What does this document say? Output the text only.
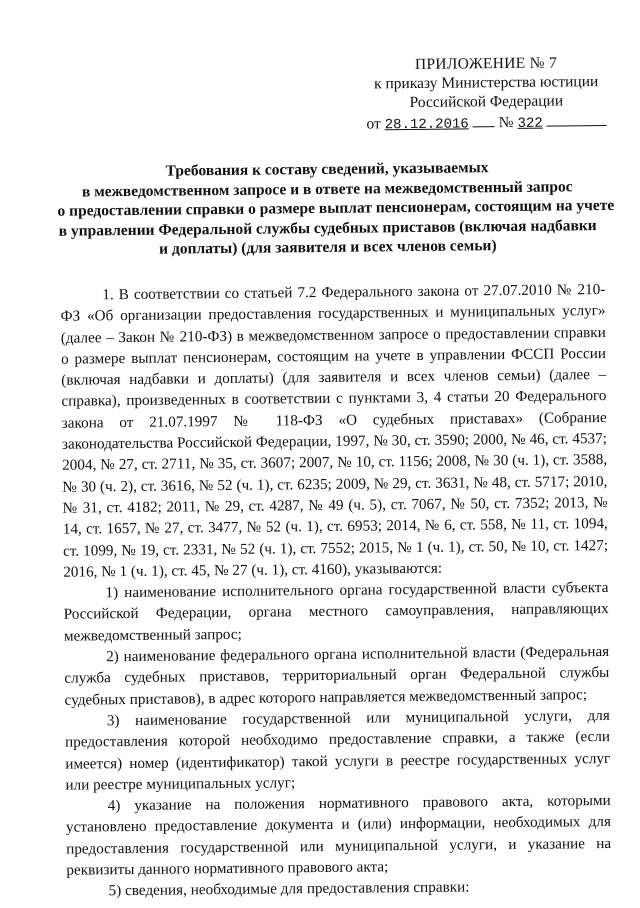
ПРИЛОЖЕНИЕ № 7
к приказу Министерства юстиции
Российской Федерации
от 28.12.2016 № 322
Требования к составу сведений, указываемых
в межведомственном запросе и в ответе на межведомственный запрос
о предоставлении справки о размере выплат пенсионерам, состоящим на учете
в управлении Федеральной службы судебных приставов (включая надбавки
и доплаты) (для заявителя и всех членов семьи)

1. В соответствии со статьей 7.2 Федерального закона от 27.07.2010 № 210-ФЗ «Об организации предоставления государственных и муниципальных услуг» (далее – Закон № 210-ФЗ) в межведомственном запросе о предоставлении справки о размере выплат пенсионерам, состоящим на учете в управлении ФССП России (включая надбавки и доплаты) (для заявителя и всех членов семьи) (далее – справка), произведенных в соответствии с пунктами 3, 4 статьи 20 Федерального закона от 21.07.1997 № 118-ФЗ «О судебных приставах» (Собрание законодательства Российской Федерации, 1997, № 30, ст. 3590; 2000, № 46, ст. 4537; 2004, № 27, ст. 2711, № 35, ст. 3607; 2007, № 10, ст. 1156; 2008, № 30 (ч. 1), ст. 3588, № 30 (ч. 2), ст. 3616, № 52 (ч. 1), ст. 6235; 2009, № 29, ст. 3631, № 48, ст. 5717; 2010, № 31, ст. 4182; 2011, № 29, ст. 4287, № 49 (ч. 5), ст. 7067, № 50, ст. 7352; 2013, № 14, ст. 1657, № 27, ст. 3477, № 52 (ч. 1), ст. 6953; 2014, № 6, ст. 558, № 11, ст. 1094, ст. 1099, № 19, ст. 2331, № 52 (ч. 1), ст. 7552; 2015, № 1 (ч. 1), ст. 50, № 10, ст. 1427; 2016, № 1 (ч. 1), ст. 45, № 27 (ч. 1), ст. 4160), указываются:

1) наименование исполнительного органа государственной власти субъекта Российской Федерации, органа местного самоуправления, направляющих межведомственный запрос;

2) наименование федерального органа исполнительной власти (Федеральная служба судебных приставов, территориальный орган Федеральной службы судебных приставов), в адрес которого направляется межведомственный запрос;

3) наименование государственной или муниципальной услуги, для предоставления которой необходимо предоставление справки, а также (если имеется) номер (идентификатор) такой услуги в реестре государственных услуг или реестре муниципальных услуг;

4) указание на положения нормативного правового акта, которыми установлено предоставление документа и (или) информации, необходимых для предоставления государственной или муниципальной услуги, и указание на реквизиты данного нормативного правового акта;

5) сведения, необходимые для предоставления справки:
